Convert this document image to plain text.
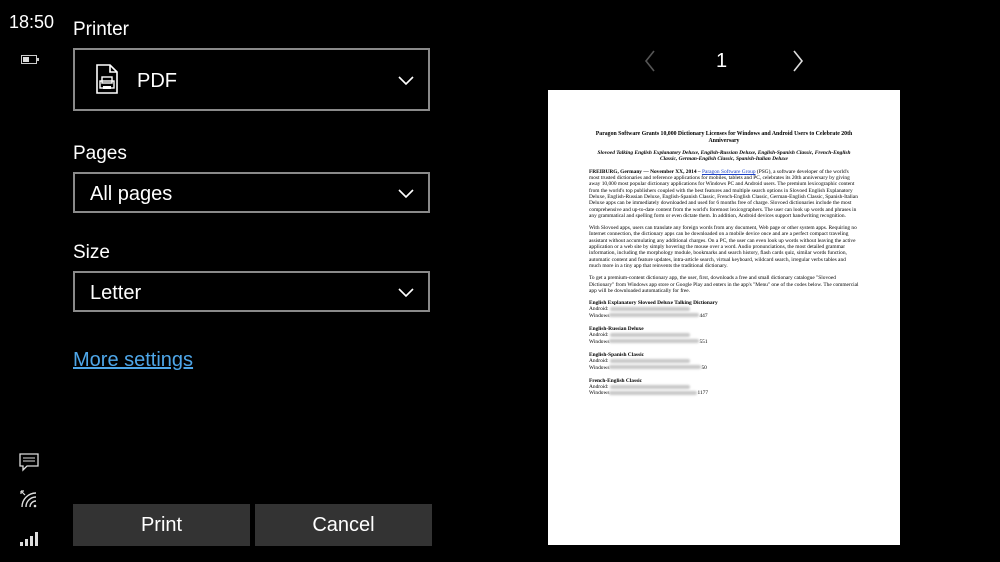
18:50 Printer
PDF
Pages
All pages
Size
Letter
More settings
Print	Cancel
1
Paragon Software Grants 10,000 Dictionary Licenses for Windows and Android Users to Celebrate 20th Anniversary
Slovoed Talking English Explanatory Deluxe, English-Russian Deluxe, English-Spanish Classic, French-English Classic, German-English Classic, Spanish-Italian Deluxe

FREIBURG, Germany — November XX, 2014 – Paragon Software Group (PSG), a software developer of the world's most trusted dictionaries and reference applications for mobiles, tablets and PC, celebrates its 20th anniversary by giving away 10,000 most popular dictionary applications for Windows PC and Android users. The premium lexicographic content from the world's top publishers coupled with the best features and multiple search options in Slovoed English Explanatory Deluxe, English-Russian Deluxe, English-Spanish Classic, French-English Classic, German-English Classic, Spanish-Italian Deluxe apps can be immediately downloaded and used for 6 months free of charge. Slovoed dictionaries include the most comprehensive and up-to-date content from the world's foremost lexicographers. The user can look up words and phrases in any grammatical and spelling form or even dictate them. In addition, Android devices support handwriting recognition.

With Slovoed apps, users can translate any foreign words from any document, Web page or other system apps. Requiring no Internet connection, the dictionary apps can be downloaded on a mobile device once and are a perfect compact traveling assistant without accumulating any additional charges. On a PC, the user can even look up words without leaving the active application or a web site by simply hovering the mouse over a word. Audio pronunciations, the most detailed grammar information, including the morphology module, bookmarks and search history, flash cards quiz, similar words function, automatic content and feature updates, intra-article search, virtual keyboard, wildcard search, irregular verbs tables and much more in a tiny app that reinvents the traditional dictionary.

To get a premium-content dictionary app, the user, first, downloads a free and small dictionary catalogue "Slovoed Dictionary" from Windows app store or Google Play and enters in the app's "Menu" one of the codes below. The commercial app will be downloaded automatically for free.

English Explanatory Slovoed Deluxe Talking Dictionary
Android:
Windows	447
English-Russian Deluxe
Android:
Windows	551
English-Spanish Classic
Android:
Windows	50
French-English Classic
Android:
Windows	1177
